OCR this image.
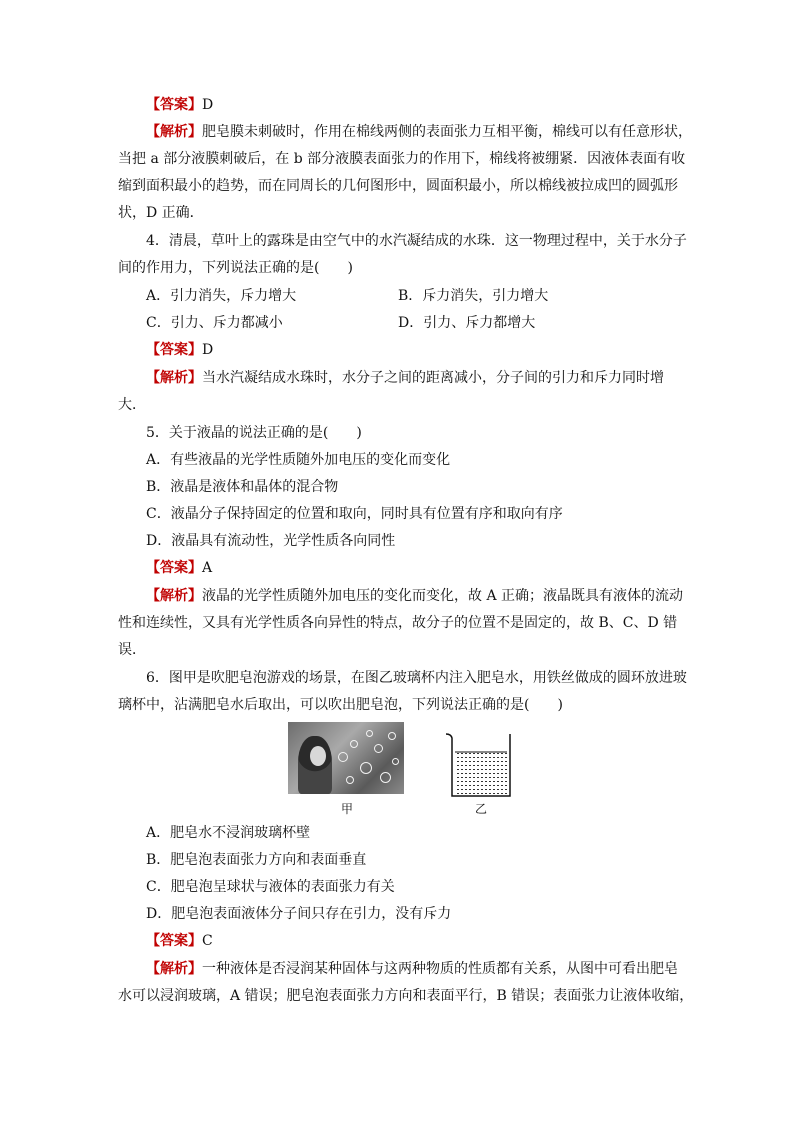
【答案】D
【解析】肥皂膜未刺破时，作用在棉线两侧的表面张力互相平衡，棉线可以有任意形状，
当把 a 部分液膜刺破后，在 b 部分液膜表面张力的作用下，棉线将被绷紧．因液体表面有收
缩到面积最小的趋势，而在同周长的几何图形中，圆面积最小，所以棉线被拉成凹的圆弧形
状，D 正确．
4．清晨，草叶上的露珠是由空气中的水汽凝结成的水珠．这一物理过程中，关于水分子
间的作用力，下列说法正确的是(　　)
A．引力消失，斥力增大	B．斥力消失，引力增大
C．引力、斥力都减小	D．引力、斥力都增大
【答案】D
【解析】当水汽凝结成水珠时，水分子之间的距离减小，分子间的引力和斥力同时增
大．
5．关于液晶的说法正确的是(　　)
A．有些液晶的光学性质随外加电压的变化而变化
B．液晶是液体和晶体的混合物
C．液晶分子保持固定的位置和取向，同时具有位置有序和取向有序
D．液晶具有流动性，光学性质各向同性
【答案】A
【解析】液晶的光学性质随外加电压的变化而变化，故 A 正确；液晶既具有液体的流动
性和连续性，又具有光学性质各向异性的特点，故分子的位置不是固定的，故 B、C、D 错
误．
6．图甲是吹肥皂泡游戏的场景，在图乙玻璃杯内注入肥皂水，用铁丝做成的圆环放进玻
璃杯中，沾满肥皂水后取出，可以吹出肥皂泡，下列说法正确的是(　　)
甲	乙
A．肥皂水不浸润玻璃杯壁
B．肥皂泡表面张力方向和表面垂直
C．肥皂泡呈球状与液体的表面张力有关
D．肥皂泡表面液体分子间只存在引力，没有斥力
【答案】C
【解析】一种液体是否浸润某种固体与这两种物质的性质都有关系，从图中可看出肥皂
水可以浸润玻璃，A 错误；肥皂泡表面张力方向和表面平行，B 错误；表面张力让液体收缩，
